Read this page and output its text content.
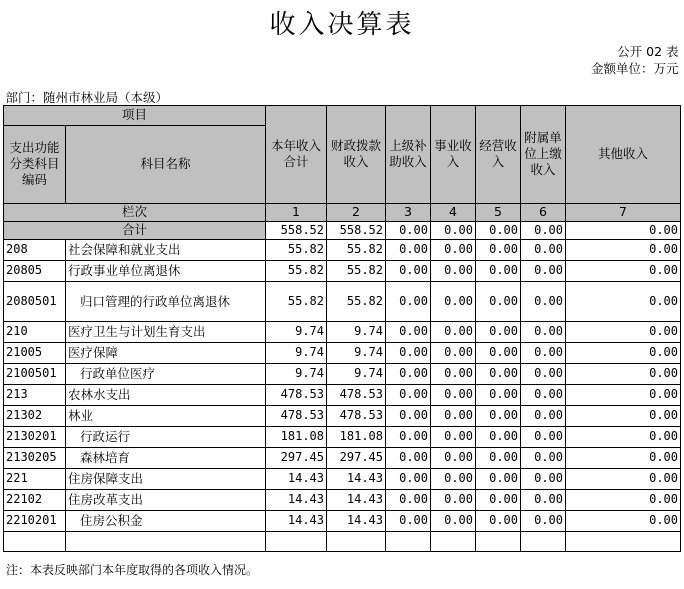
收入决算表
								公开 02 表
部门：随州市林业局（本级）					金额单位：万元			
项目		本年收入合计	财政拨款收入	上级补助收入	事业收入	经营收入	附属单位上缴收入	其他收入
支出功能分类科目编码	科目名称							
栏次		1	2	3	4	5	6	7
合计		558.52	558.52	0.00	0.00	0.00	0.00	0.00
208	社会保障和就业支出	55.82	55.82	0.00	0.00	0.00	0.00	0.00
20805	行政事业单位离退休	55.82	55.82	0.00	0.00	0.00	0.00	0.00
2080501	归口管理的行政单位离退休	55.82	55.82	0.00	0.00	0.00	0.00	0.00
210	医疗卫生与计划生育支出	9.74	9.74	0.00	0.00	0.00	0.00	0.00
21005	医疗保障	9.74	9.74	0.00	0.00	0.00	0.00	0.00
2100501	行政单位医疗	9.74	9.74	0.00	0.00	0.00	0.00	0.00
213	农林水支出	478.53	478.53	0.00	0.00	0.00	0.00	0.00
21302	林业	478.53	478.53	0.00	0.00	0.00	0.00	0.00
2130201	行政运行	181.08	181.08	0.00	0.00	0.00	0.00	0.00
2130205	森林培育	297.45	297.45	0.00	0.00	0.00	0.00	0.00
221	住房保障支出	14.43	14.43	0.00	0.00	0.00	0.00	0.00
22102	住房改革支出	14.43	14.43	0.00	0.00	0.00	0.00	0.00
2210201	住房公积金	14.43	14.43	0.00	0.00	0.00	0.00	0.00

注：本表反映部门本年度取得的各项收入情况。
